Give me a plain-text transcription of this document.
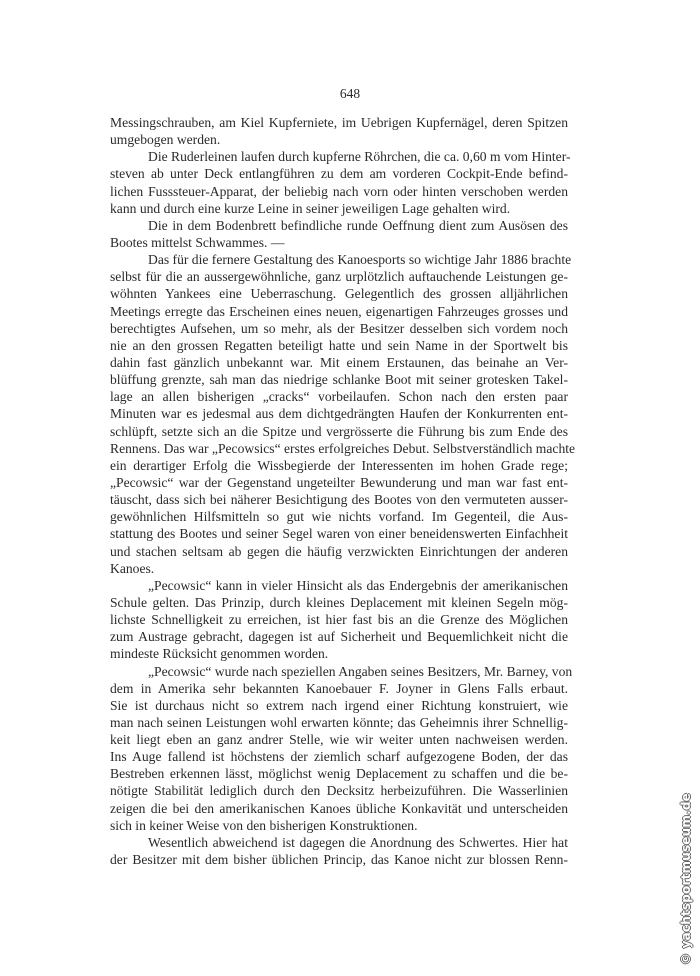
648
Messingschrauben, am Kiel Kupferniete, im Uebrigen Kupfernägel, deren Spitzen
umgebogen werden.
Die Ruderleinen laufen durch kupferne Röhrchen, die ca. 0,60 m vom Hinter-
steven ab unter Deck entlangführen zu dem am vorderen Cockpit-Ende befind-
lichen Fusssteuer-Apparat, der beliebig nach vorn oder hinten verschoben werden
kann und durch eine kurze Leine in seiner jeweiligen Lage gehalten wird.
Die in dem Bodenbrett befindliche runde Oeffnung dient zum Ausösen des
Bootes mittelst Schwammes. —
Das für die fernere Gestaltung des Kanoesports so wichtige Jahr 1886 brachte
selbst für die an aussergewöhnliche, ganz urplötzlich auftauchende Leistungen ge-
wöhnten Yankees eine Ueberraschung. Gelegentlich des grossen alljährlichen
Meetings erregte das Erscheinen eines neuen, eigenartigen Fahrzeuges grosses und
berechtigtes Aufsehen, um so mehr, als der Besitzer desselben sich vordem noch
nie an den grossen Regatten beteiligt hatte und sein Name in der Sportwelt bis
dahin fast gänzlich unbekannt war. Mit einem Erstaunen, das beinahe an Ver-
blüffung grenzte, sah man das niedrige schlanke Boot mit seiner grotesken Takel-
lage an allen bisherigen „cracks“ vorbeilaufen. Schon nach den ersten paar
Minuten war es jedesmal aus dem dichtgedrängten Haufen der Konkurrenten ent-
schlüpft, setzte sich an die Spitze und vergrösserte die Führung bis zum Ende des
Rennens. Das war „Pecowsics“ erstes erfolgreiches Debut. Selbstverständlich machte
ein derartiger Erfolg die Wissbegierde der Interessenten im hohen Grade rege;
„Pecowsic“ war der Gegenstand ungeteilter Bewunderung und man war fast ent-
täuscht, dass sich bei näherer Besichtigung des Bootes von den vermuteten ausser-
gewöhnlichen Hilfsmitteln so gut wie nichts vorfand. Im Gegenteil, die Aus-
stattung des Bootes und seiner Segel waren von einer beneidenswerten Einfachheit
und stachen seltsam ab gegen die häufig verzwickten Einrichtungen der anderen
Kanoes.
„Pecowsic“ kann in vieler Hinsicht als das Endergebnis der amerikanischen
Schule gelten. Das Prinzip, durch kleines Deplacement mit kleinen Segeln mög-
lichste Schnelligkeit zu erreichen, ist hier fast bis an die Grenze des Möglichen
zum Austrage gebracht, dagegen ist auf Sicherheit und Bequemlichkeit nicht die
mindeste Rücksicht genommen worden.
„Pecowsic“ wurde nach speziellen Angaben seines Besitzers, Mr. Barney, von
dem in Amerika sehr bekannten Kanoebauer F. Joyner in Glens Falls erbaut.
Sie ist durchaus nicht so extrem nach irgend einer Richtung konstruiert, wie
man nach seinen Leistungen wohl erwarten könnte; das Geheimnis ihrer Schnellig-
keit liegt eben an ganz andrer Stelle, wie wir weiter unten nachweisen werden.
Ins Auge fallend ist höchstens der ziemlich scharf aufgezogene Boden, der das
Bestreben erkennen lässt, möglichst wenig Deplacement zu schaffen und die be-
nötigte Stabilität lediglich durch den Decksitz herbeizuführen. Die Wasserlinien
zeigen die bei den amerikanischen Kanoes übliche Konkavität und unterscheiden
sich in keiner Weise von den bisherigen Konstruktionen.
Wesentlich abweichend ist dagegen die Anordnung des Schwertes. Hier hat
der Besitzer mit dem bisher üblichen Princip, das Kanoe nicht zur blossen Renn-	© yachtsportmuseum.de
